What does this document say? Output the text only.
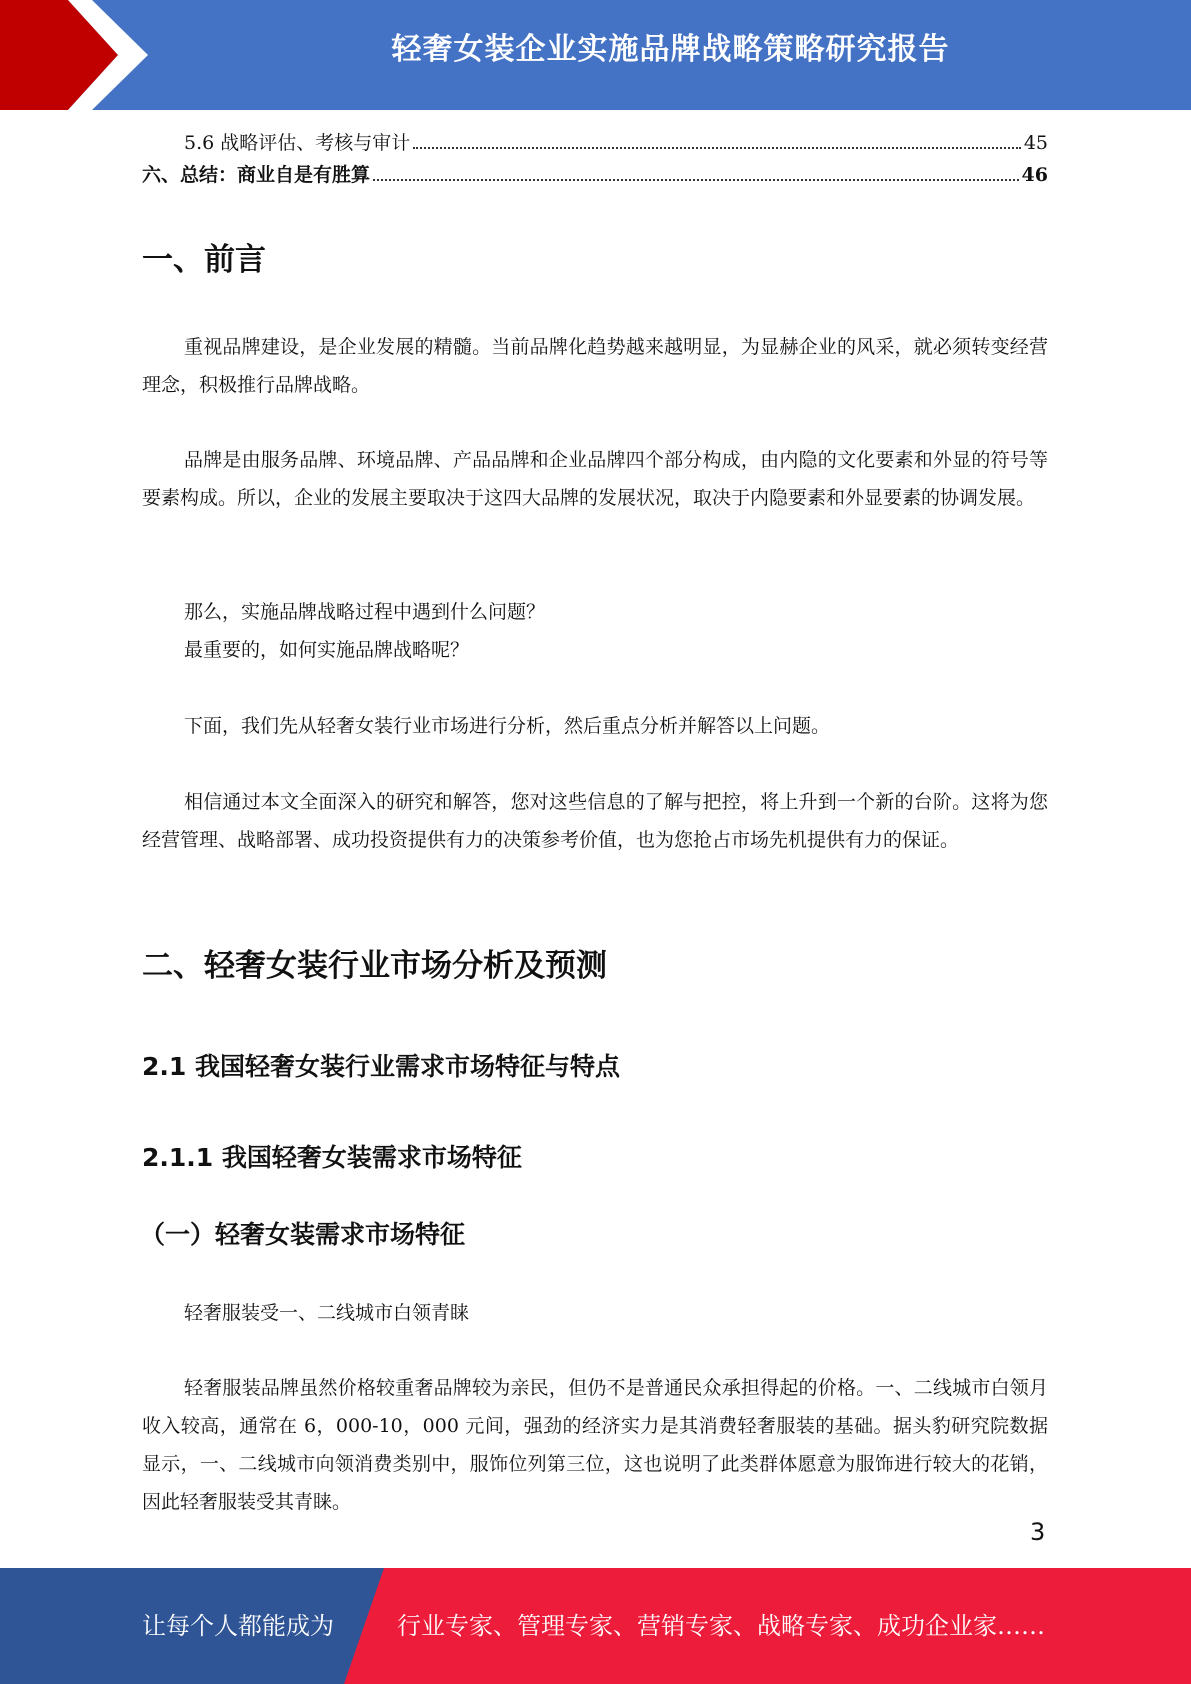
轻奢女装企业实施品牌战略策略研究报告
5.6 战略评估、考核与审计	45
六、总结：商业自是有胜算	46
一、前言
重视品牌建设，是企业发展的精髓。当前品牌化趋势越来越明显，为显赫企业的风采，就必须转变经营理念，积极推行品牌战略。
品牌是由服务品牌、环境品牌、产品品牌和企业品牌四个部分构成，由内隐的文化要素和外显的符号等要素构成。所以，企业的发展主要取决于这四大品牌的发展状况，取决于内隐要素和外显要素的协调发展。
那么，实施品牌战略过程中遇到什么问题？
最重要的，如何实施品牌战略呢？
下面，我们先从轻奢女装行业市场进行分析，然后重点分析并解答以上问题。
相信通过本文全面深入的研究和解答，您对这些信息的了解与把控，将上升到一个新的台阶。这将为您经营管理、战略部署、成功投资提供有力的决策参考价值，也为您抢占市场先机提供有力的保证。
二、轻奢女装行业市场分析及预测
2.1 我国轻奢女装行业需求市场特征与特点
2.1.1 我国轻奢女装需求市场特征
（一）轻奢女装需求市场特征
轻奢服装受一、二线城市白领青睐
轻奢服装品牌虽然价格较重奢品牌较为亲民，但仍不是普通民众承担得起的价格。一、二线城市白领月收入较高，通常在 6，000-10，000 元间，强劲的经济实力是其消费轻奢服装的基础。据头豹研究院数据显示，一、二线城市向领消费类别中，服饰位列第三位，这也说明了此类群体愿意为服饰进行较大的花销，因此轻奢服装受其青睐。
3
让每个人都能成为	行业专家、管理专家、营销专家、战略专家、成功企业家……
